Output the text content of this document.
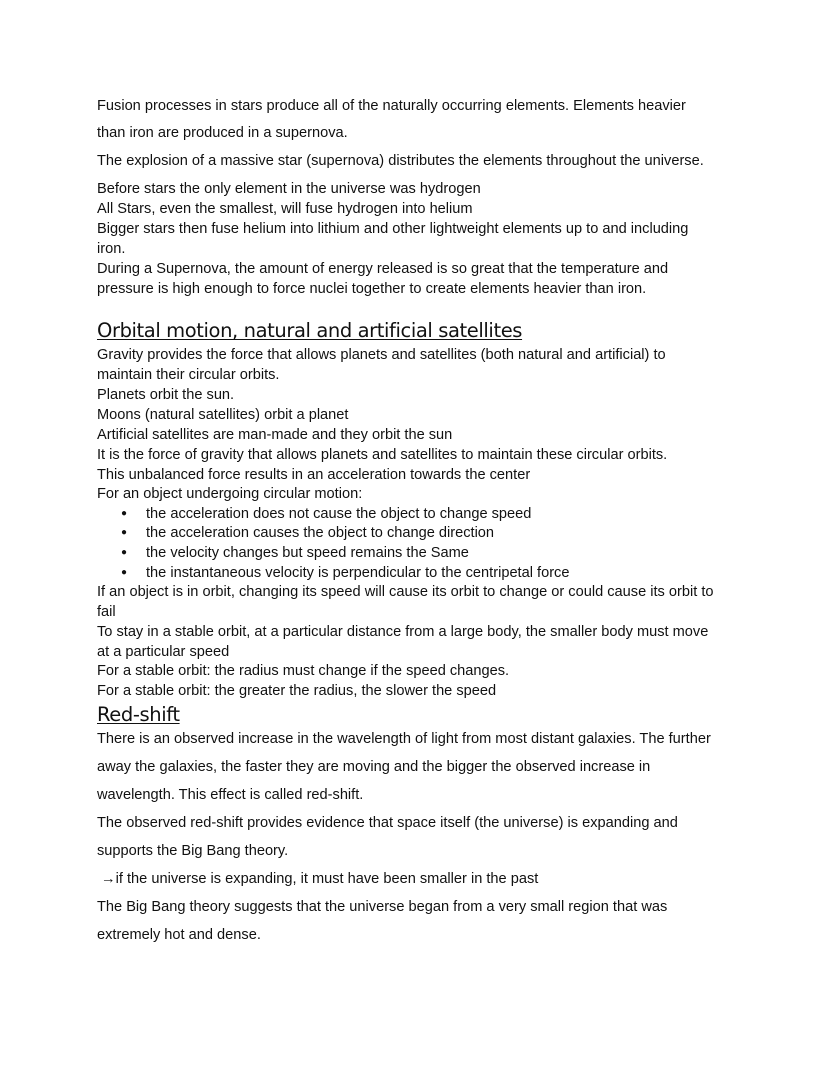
Fusion processes in stars produce all of the naturally occurring elements. Elements heavier
than iron are produced in a supernova.
The explosion of a massive star (supernova) distributes the elements throughout the universe.
Before stars the only element in the universe was hydrogen
All Stars, even the smallest, will fuse hydrogen into helium
Bigger stars then fuse helium into lithium and other lightweight elements up to and including
iron.
During a Supernova, the amount of energy released is so great that the temperature and
pressure is high enough to force nuclei together to create elements heavier than iron.
Orbital motion, natural and artificial satellites
Gravity provides the force that allows planets and satellites (both natural and artificial) to
maintain their circular orbits.
Planets orbit the sun.
Moons (natural satellites) orbit a planet
Artificial satellites are man-made and they orbit the sun
It is the force of gravity that allows planets and satellites to maintain these circular orbits.
This unbalanced force results in an acceleration towards the center
For an object undergoing circular motion:
● the acceleration does not cause the object to change speed
● the acceleration causes the object to change direction
● the velocity changes but speed remains the Same
● the instantaneous velocity is perpendicular to the centripetal force
If an object is in orbit, changing its speed will cause its orbit to change or could cause its orbit to
fail
To stay in a stable orbit, at a particular distance from a large body, the smaller body must move
at a particular speed
For a stable orbit: the radius must change if the speed changes.
For a stable orbit: the greater the radius, the slower the speed
Red-shift
There is an observed increase in the wavelength of light from most distant galaxies. The further
away the galaxies, the faster they are moving and the bigger the observed increase in
wavelength. This effect is called red-shift.
The observed red-shift provides evidence that space itself (the universe) is expanding and
supports the Big Bang theory.
→if the universe is expanding, it must have been smaller in the past
The Big Bang theory suggests that the universe began from a very small region that was
extremely hot and dense.
